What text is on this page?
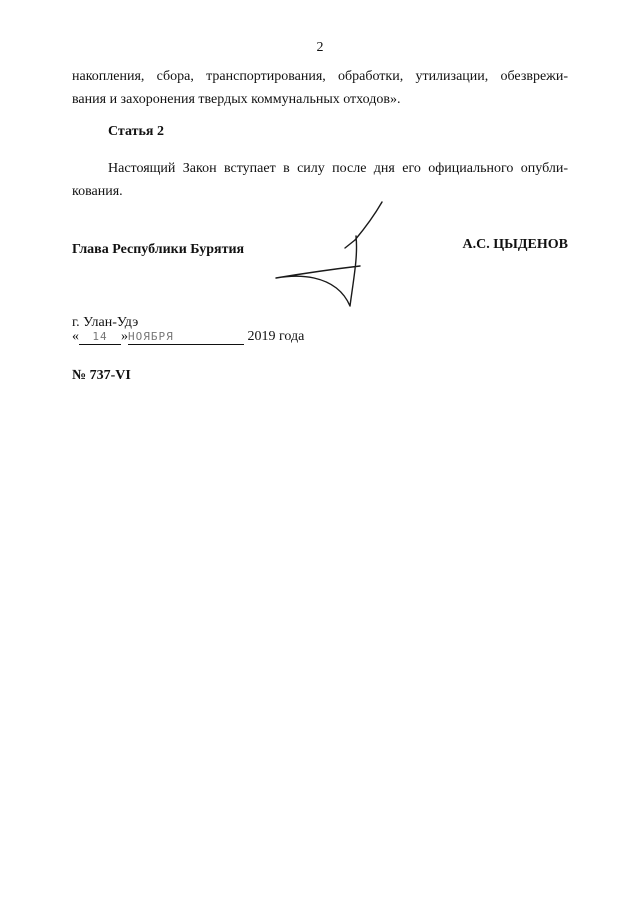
2
накопления, сбора, транспортирования, обработки, утилизации, обезврежи-
вания и захоронения твердых коммунальных отходов».
Статья 2
Настоящий Закон вступает в силу после дня его официального опубли-
кования.
Глава Республики Бурятия	А.С. ЦЫДЕНОВ
г. Улан-Удэ
« 14 »НОЯБРЯ	2019 года
№ 737-VI
